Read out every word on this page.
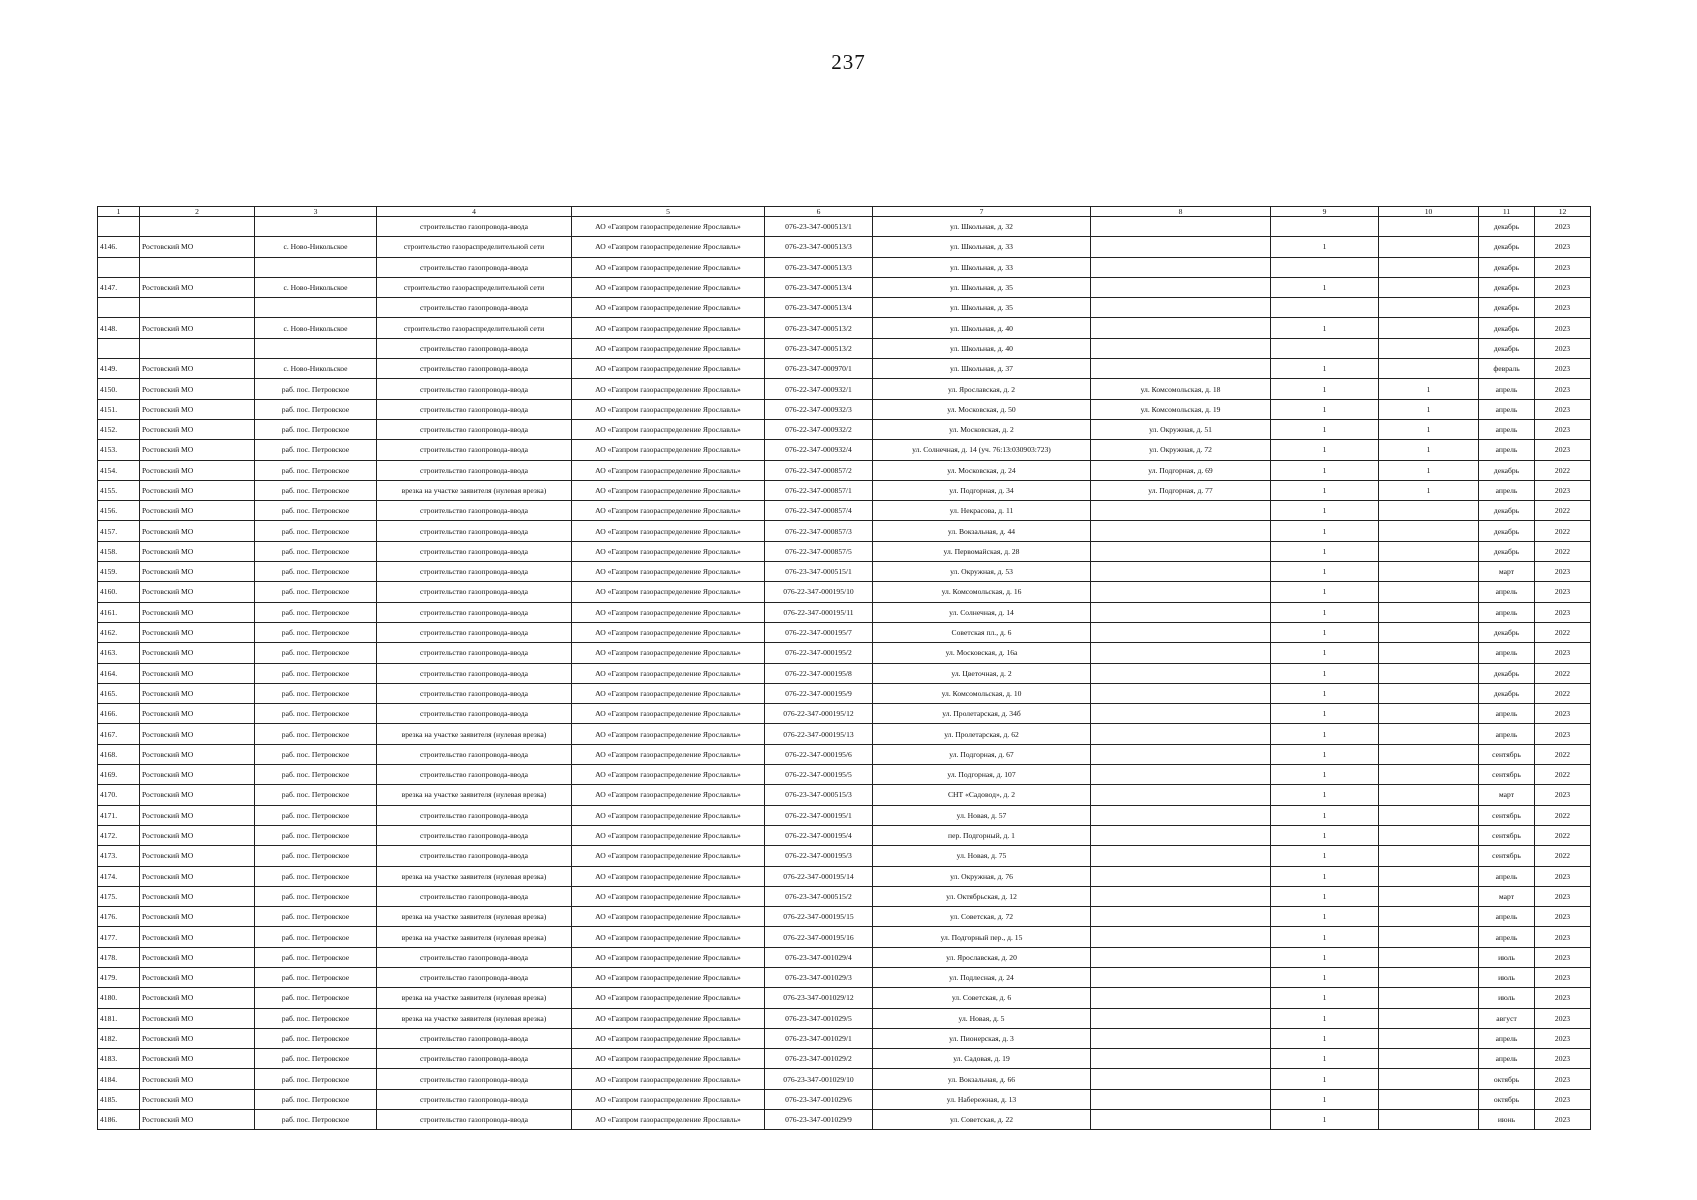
237
1	2	3	4	5	6	7	8	9	10	11	12
			строительство газопровода-ввода	АО «Газпром газораспределение Ярославль»	076-23-347-000513/1	ул. Школьная, д. 32				декабрь	2023
4146.	Ростовский МО	с. Ново-Никольское	строительство газораспределительной сети	АО «Газпром газораспределение Ярославль»	076-23-347-000513/3	ул. Школьная, д. 33		1		декабрь	2023
			строительство газопровода-ввода	АО «Газпром газораспределение Ярославль»	076-23-347-000513/3	ул. Школьная, д. 33				декабрь	2023
4147.	Ростовский МО	с. Ново-Никольское	строительство газораспределительной сети	АО «Газпром газораспределение Ярославль»	076-23-347-000513/4	ул. Школьная, д. 35		1		декабрь	2023
			строительство газопровода-ввода	АО «Газпром газораспределение Ярославль»	076-23-347-000513/4	ул. Школьная, д. 35				декабрь	2023
4148.	Ростовский МО	с. Ново-Никольское	строительство газораспределительной сети	АО «Газпром газораспределение Ярославль»	076-23-347-000513/2	ул. Школьная, д. 40		1		декабрь	2023
			строительство газопровода-ввода	АО «Газпром газораспределение Ярославль»	076-23-347-000513/2	ул. Школьная, д. 40				декабрь	2023
4149.	Ростовский МО	с. Ново-Никольское	строительство газопровода-ввода	АО «Газпром газораспределение Ярославль»	076-23-347-000970/1	ул. Школьная, д. 37		1		февраль	2023
4150.	Ростовский МО	раб. пос. Петровское	строительство газопровода-ввода	АО «Газпром газораспределение Ярославль»	076-22-347-000932/1	ул. Ярославская, д. 2	ул. Комсомольская, д. 18	1	1	апрель	2023
4151.	Ростовский МО	раб. пос. Петровское	строительство газопровода-ввода	АО «Газпром газораспределение Ярославль»	076-22-347-000932/3	ул. Московская, д. 50	ул. Комсомольская, д. 19	1	1	апрель	2023
4152.	Ростовский МО	раб. пос. Петровское	строительство газопровода-ввода	АО «Газпром газораспределение Ярославль»	076-22-347-000932/2	ул. Московская, д. 2	ул. Окружная, д. 51	1	1	апрель	2023
4153.	Ростовский МО	раб. пос. Петровское	строительство газопровода-ввода	АО «Газпром газораспределение Ярославль»	076-22-347-000932/4	ул. Солнечная, д. 14 (уч. 76:13:030903:723)	ул. Окружная, д. 72	1	1	апрель	2023
4154.	Ростовский МО	раб. пос. Петровское	строительство газопровода-ввода	АО «Газпром газораспределение Ярославль»	076-22-347-000857/2	ул. Московская, д. 24	ул. Подгорная, д. 69	1	1	декабрь	2022
4155.	Ростовский МО	раб. пос. Петровское	врезка на участке заявителя (нулевая врезка)	АО «Газпром газораспределение Ярославль»	076-22-347-000857/1	ул. Подгорная, д. 34	ул. Подгорная, д. 77	1	1	апрель	2023
4156.	Ростовский МО	раб. пос. Петровское	строительство газопровода-ввода	АО «Газпром газораспределение Ярославль»	076-22-347-000857/4	ул. Некрасова, д. 11		1		декабрь	2022
4157.	Ростовский МО	раб. пос. Петровское	строительство газопровода-ввода	АО «Газпром газораспределение Ярославль»	076-22-347-000857/3	ул. Вокзальная, д. 44		1		декабрь	2022
4158.	Ростовский МО	раб. пос. Петровское	строительство газопровода-ввода	АО «Газпром газораспределение Ярославль»	076-22-347-000857/5	ул. Первомайская, д. 28		1		декабрь	2022
4159.	Ростовский МО	раб. пос. Петровское	строительство газопровода-ввода	АО «Газпром газораспределение Ярославль»	076-23-347-000515/1	ул. Окружная, д. 53		1		март	2023
4160.	Ростовский МО	раб. пос. Петровское	строительство газопровода-ввода	АО «Газпром газораспределение Ярославль»	076-22-347-000195/10	ул. Комсомольская, д. 16		1		апрель	2023
4161.	Ростовский МО	раб. пос. Петровское	строительство газопровода-ввода	АО «Газпром газораспределение Ярославль»	076-22-347-000195/11	ул. Солнечная, д. 14		1		апрель	2023
4162.	Ростовский МО	раб. пос. Петровское	строительство газопровода-ввода	АО «Газпром газораспределение Ярославль»	076-22-347-000195/7	Советская пл., д. 6		1		декабрь	2022
4163.	Ростовский МО	раб. пос. Петровское	строительство газопровода-ввода	АО «Газпром газораспределение Ярославль»	076-22-347-000195/2	ул. Московская, д. 16а		1		апрель	2023
4164.	Ростовский МО	раб. пос. Петровское	строительство газопровода-ввода	АО «Газпром газораспределение Ярославль»	076-22-347-000195/8	ул. Цветочная, д. 2		1		декабрь	2022
4165.	Ростовский МО	раб. пос. Петровское	строительство газопровода-ввода	АО «Газпром газораспределение Ярославль»	076-22-347-000195/9	ул. Комсомольская, д. 10		1		декабрь	2022
4166.	Ростовский МО	раб. пос. Петровское	строительство газопровода-ввода	АО «Газпром газораспределение Ярославль»	076-22-347-000195/12	ул. Пролетарская, д. 34б		1		апрель	2023
4167.	Ростовский МО	раб. пос. Петровское	врезка на участке заявителя (нулевая врезка)	АО «Газпром газораспределение Ярославль»	076-22-347-000195/13	ул. Пролетарская, д. 62		1		апрель	2023
4168.	Ростовский МО	раб. пос. Петровское	строительство газопровода-ввода	АО «Газпром газораспределение Ярославль»	076-22-347-000195/6	ул. Подгорная, д. 67		1		сентябрь	2022
4169.	Ростовский МО	раб. пос. Петровское	строительство газопровода-ввода	АО «Газпром газораспределение Ярославль»	076-22-347-000195/5	ул. Подгорная, д. 107		1		сентябрь	2022
4170.	Ростовский МО	раб. пос. Петровское	врезка на участке заявителя (нулевая врезка)	АО «Газпром газораспределение Ярославль»	076-23-347-000515/3	СНТ «Садовод», д. 2		1		март	2023
4171.	Ростовский МО	раб. пос. Петровское	строительство газопровода-ввода	АО «Газпром газораспределение Ярославль»	076-22-347-000195/1	ул. Новая, д. 57		1		сентябрь	2022
4172.	Ростовский МО	раб. пос. Петровское	строительство газопровода-ввода	АО «Газпром газораспределение Ярославль»	076-22-347-000195/4	пер. Подгорный, д. 1		1		сентябрь	2022
4173.	Ростовский МО	раб. пос. Петровское	строительство газопровода-ввода	АО «Газпром газораспределение Ярославль»	076-22-347-000195/3	ул. Новая, д. 75		1		сентябрь	2022
4174.	Ростовский МО	раб. пос. Петровское	врезка на участке заявителя (нулевая врезка)	АО «Газпром газораспределение Ярославль»	076-22-347-000195/14	ул. Окружная, д. 76		1		апрель	2023
4175.	Ростовский МО	раб. пос. Петровское	строительство газопровода-ввода	АО «Газпром газораспределение Ярославль»	076-23-347-000515/2	ул. Октябрьская, д. 12		1		март	2023
4176.	Ростовский МО	раб. пос. Петровское	врезка на участке заявителя (нулевая врезка)	АО «Газпром газораспределение Ярославль»	076-22-347-000195/15	ул. Советская, д. 72		1		апрель	2023
4177.	Ростовский МО	раб. пос. Петровское	врезка на участке заявителя (нулевая врезка)	АО «Газпром газораспределение Ярославль»	076-22-347-000195/16	ул. Подгорный пер., д. 15		1		апрель	2023
4178.	Ростовский МО	раб. пос. Петровское	строительство газопровода-ввода	АО «Газпром газораспределение Ярославль»	076-23-347-001029/4	ул. Ярославская, д. 20		1		июль	2023
4179.	Ростовский МО	раб. пос. Петровское	строительство газопровода-ввода	АО «Газпром газораспределение Ярославль»	076-23-347-001029/3	ул. Подлесная, д. 24		1		июль	2023
4180.	Ростовский МО	раб. пос. Петровское	врезка на участке заявителя (нулевая врезка)	АО «Газпром газораспределение Ярославль»	076-23-347-001029/12	ул. Советская, д. 6		1		июль	2023
4181.	Ростовский МО	раб. пос. Петровское	врезка на участке заявителя (нулевая врезка)	АО «Газпром газораспределение Ярославль»	076-23-347-001029/5	ул. Новая, д. 5		1		август	2023
4182.	Ростовский МО	раб. пос. Петровское	строительство газопровода-ввода	АО «Газпром газораспределение Ярославль»	076-23-347-001029/1	ул. Пионерская, д. 3		1		апрель	2023
4183.	Ростовский МО	раб. пос. Петровское	строительство газопровода-ввода	АО «Газпром газораспределение Ярославль»	076-23-347-001029/2	ул. Садовая, д. 19		1		апрель	2023
4184.	Ростовский МО	раб. пос. Петровское	строительство газопровода-ввода	АО «Газпром газораспределение Ярославль»	076-23-347-001029/10	ул. Вокзальная, д. 66		1		октябрь	2023
4185.	Ростовский МО	раб. пос. Петровское	строительство газопровода-ввода	АО «Газпром газораспределение Ярославль»	076-23-347-001029/6	ул. Набережная, д. 13		1		октябрь	2023
4186.	Ростовский МО	раб. пос. Петровское	строительство газопровода-ввода	АО «Газпром газораспределение Ярославль»	076-23-347-001029/9	ул. Советская, д. 22		1		июнь	2023
